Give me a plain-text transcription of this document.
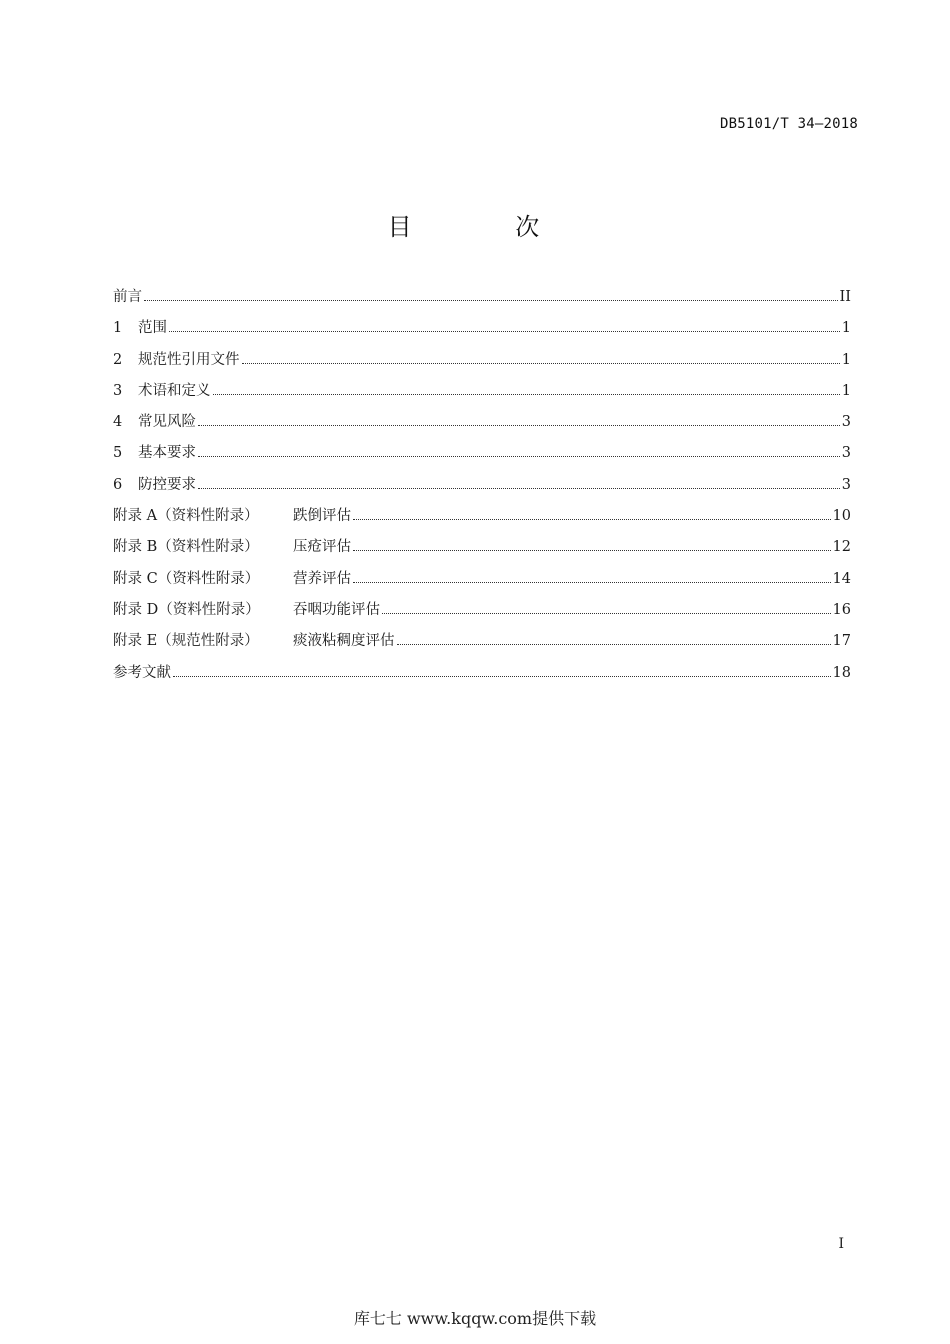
DB5101/T 34—2018
目 次
前言	II
1	范围	1
2	规范性引用文件	1
3	术语和定义	1
4	常见风险	3
5	基本要求	3
6	防控要求	3
附录 A（资料性附录）	跌倒评估	10
附录 B（资料性附录）	压疮评估	12
附录 C（资料性附录）	营养评估	14
附录 D（资料性附录）	吞咽功能评估	16
附录 E（规范性附录）	痰液粘稠度评估	17
参考文献	18
I
库七七 www.kqqw.com提供下载
